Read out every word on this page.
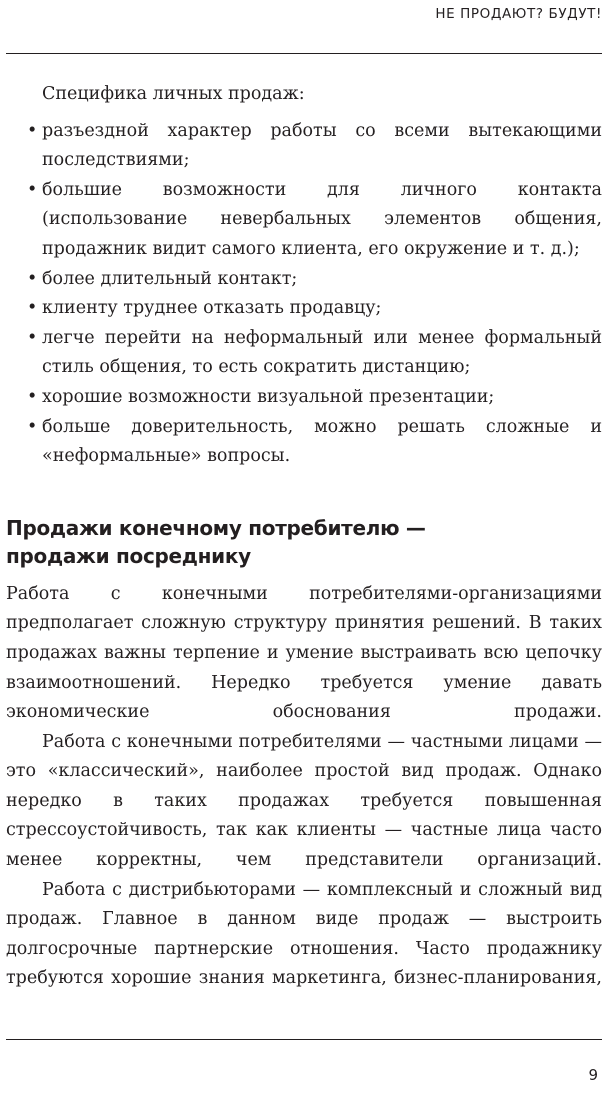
НЕ ПРОДАЮТ? БУДУТ!

Специфика личных продаж:

• разъездной характер работы со всеми вытекающими последствиями;
• большие возможности для личного контакта (использование невербальных элементов общения, продажник видит самого клиента, его окружение и т. д.);
• более длительный контакт;
• клиенту труднее отказать продавцу;
• легче перейти на неформальный или менее формальный стиль общения, то есть сократить дистанцию;
• хорошие возможности визуальной презентации;
• больше доверительность, можно решать сложные и «неформальные» вопросы.
Продажи конечному потребителю —
продажи посреднику

Работа с конечными потребителями-организациями предполагает сложную структуру принятия решений. В таких продажах важны терпение и умение выстраивать всю цепочку взаимоотношений. Нередко требуется умение давать экономические обоснования продажи.

Работа с конечными потребителями — частными лицами — это «классический», наиболее простой вид продаж. Однако нередко в таких продажах требуется повышенная стрессоустойчивость, так как клиенты — частные лица часто менее корректны, чем представители организаций.

Работа с дистрибьюторами — комплексный и сложный вид продаж. Главное в данном виде продаж — выстроить долгосрочные партнерские отношения. Часто продажнику требуются хорошие знания маркетинга, бизнес-планирования,

9
